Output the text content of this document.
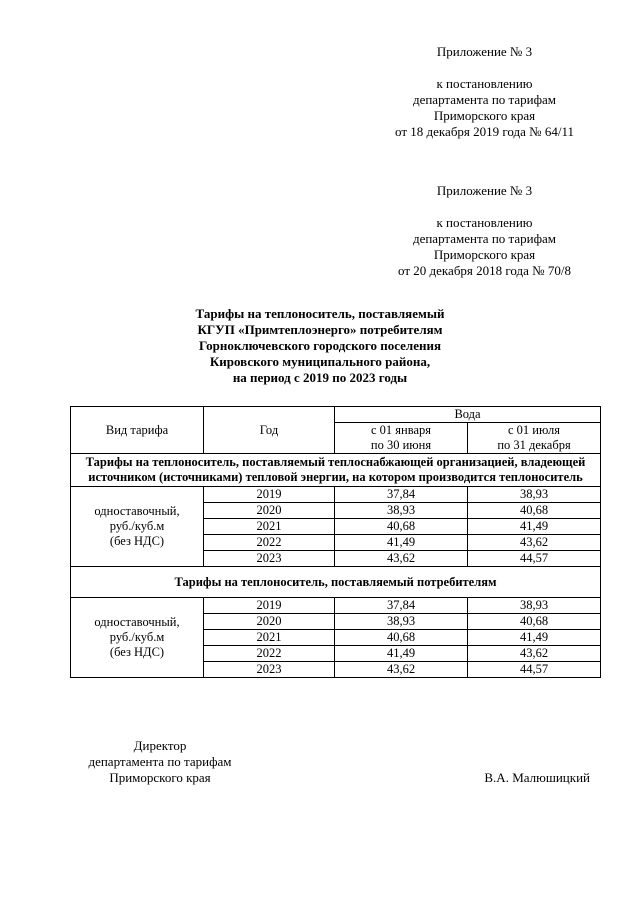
Приложение № 3
к постановлению
департамента по тарифам
Приморского края
от 18 декабря 2019 года № 64/11
Приложение № 3
к постановлению
департамента по тарифам
Приморского края
от 20 декабря 2018 года № 70/8
Тарифы на теплоноситель, поставляемый
КГУП «Примтеплоэнерго» потребителям
Горноключевского городского поселения
Кировского муниципального района,
на период с 2019 по 2023 годы
Вид тарифа	Год	Вода	

		с 01 января
по 30 июня	с 01 июля
по 31 декабря

Тарифы на теплоноситель, поставляемый теплоснабжающей организацией, владеющей источником (источниками) тепловой энергии, на котором производится теплоноситель			

одноставочный,
руб./куб.м
(без НДС)	2019	37,84	38,93
	2020	38,93	40,68
	2021	40,68	41,49
	2022	41,49	43,62
	2023	43,62	44,57
Тарифы на теплоноситель, поставляемый потребителям			

одноставочный,
руб./куб.м
(без НДС)	2019	37,84	38,93
	2020	38,93	40,68
	2021	40,68	41,49
	2022	41,49	43,62
	2023	43,62	44,57
Директор
департамента по тарифам
Приморского края	В.А. Малюшицкий
